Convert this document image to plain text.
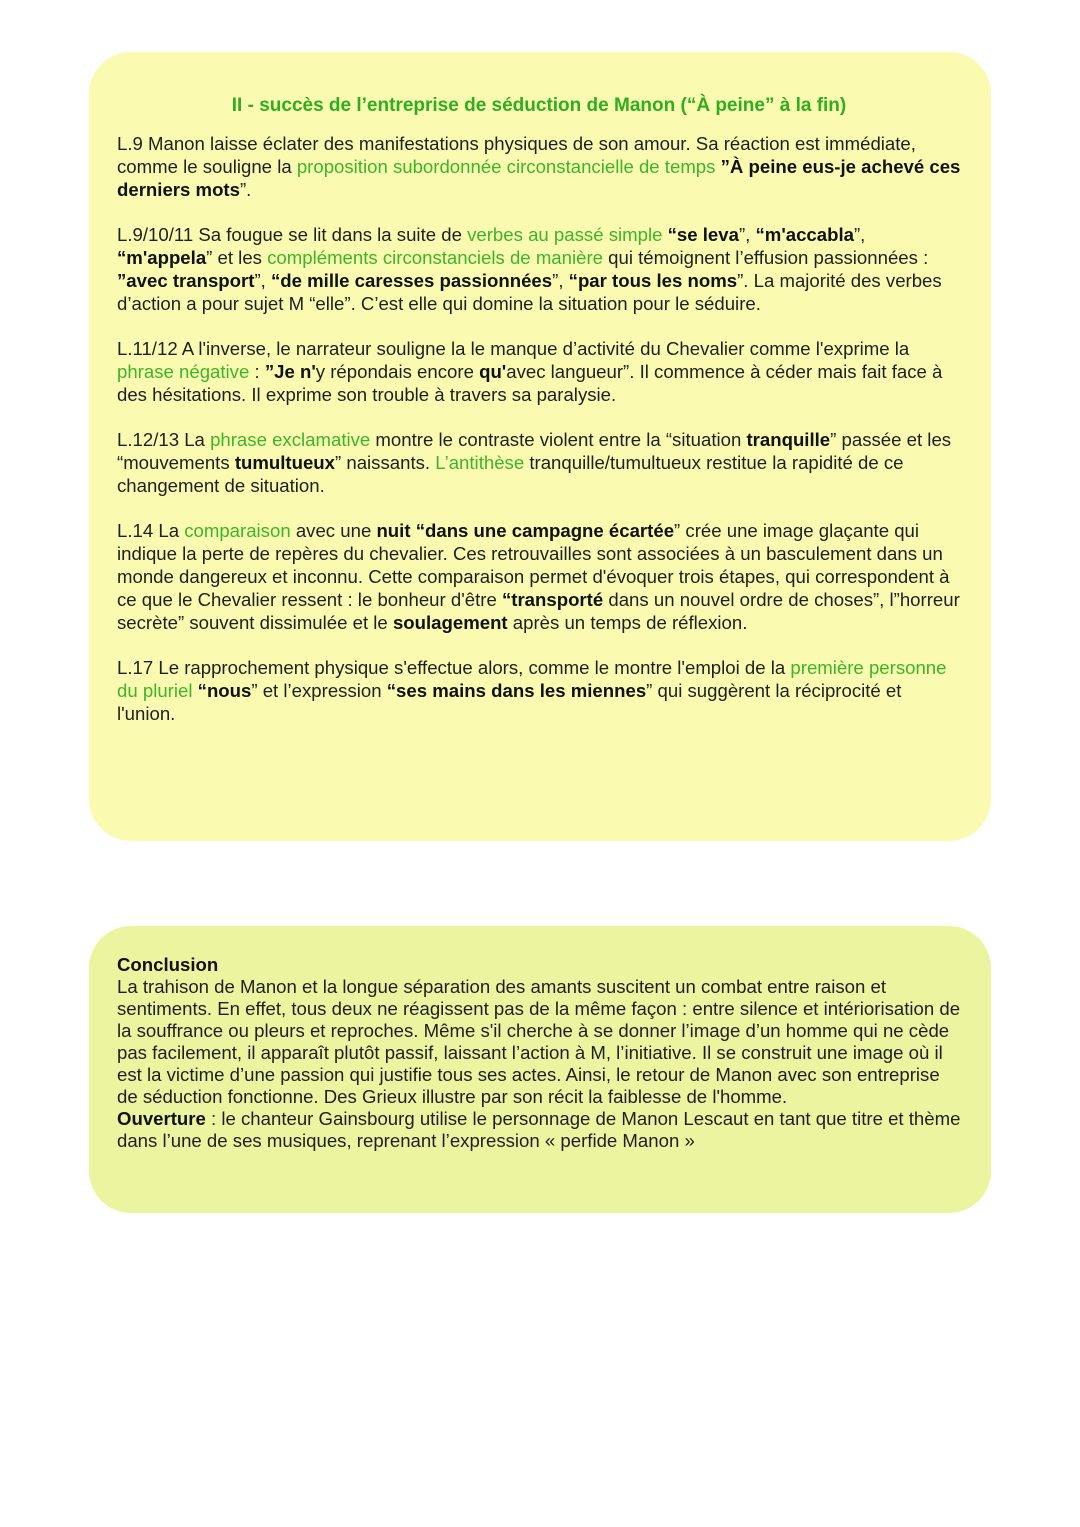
II - succès de l’entreprise de séduction de Manon (“À peine” à la fin)

L.9 Manon laisse éclater des manifestations physiques de son amour. Sa réaction est immédiate, comme le souligne la proposition subordonnée circonstancielle de temps ”À peine eus-je achevé ces derniers mots”.

L.9/10/11 Sa fougue se lit dans la suite de verbes au passé simple “se leva”, “m'accabla”, “m'appela” et les compléments circonstanciels de manière qui témoignent l’effusion passionnées : ”avec transport”, “de mille caresses passionnées”, “par tous les noms”. La majorité des verbes d’action a pour sujet M “elle”. C’est elle qui domine la situation pour le séduire.

L.11/12 A l'inverse, le narrateur souligne la le manque d’activité du Chevalier comme l'exprime la phrase négative : ”Je n'y répondais encore qu'avec langueur”. Il commence à céder mais fait face à des hésitations. Il exprime son trouble à travers sa paralysie.

L.12/13 La phrase exclamative montre le contraste violent entre la “situation tranquille” passée et les “mouvements tumultueux” naissants. L’antithèse tranquille/tumultueux restitue la rapidité de ce changement de situation.

L.14 La comparaison avec une nuit “dans une campagne écartée” crée une image glaçante qui indique la perte de repères du chevalier. Ces retrouvailles sont associées à un basculement dans un monde dangereux et inconnu. Cette comparaison permet d'évoquer trois étapes, qui correspondent à ce que le Chevalier ressent : le bonheur d'être “transporté dans un nouvel ordre de choses”, l”horreur secrète” souvent dissimulée et le soulagement après un temps de réflexion.

L.17 Le rapprochement physique s'effectue alors, comme le montre l'emploi de la première personne du pluriel “nous” et l’expression “ses mains dans les miennes” qui suggèrent la réciprocité et l'union.

Conclusion

La trahison de Manon et la longue séparation des amants suscitent un combat entre raison et sentiments. En effet, tous deux ne réagissent pas de la même façon : entre silence et intériorisation de la souffrance ou pleurs et reproches. Même s'il cherche à se donner l’image d’un homme qui ne cède pas facilement, il apparaît plutôt passif, laissant l’action à M, l’initiative. Il se construit une image où il est la victime d’une passion qui justifie tous ses actes. Ainsi, le retour de Manon avec son entreprise de séduction fonctionne. Des Grieux illustre par son récit la faiblesse de l'homme.

Ouverture : le chanteur Gainsbourg utilise le personnage de Manon Lescaut en tant que titre et thème dans l’une de ses musiques, reprenant l’expression « perfide Manon »
